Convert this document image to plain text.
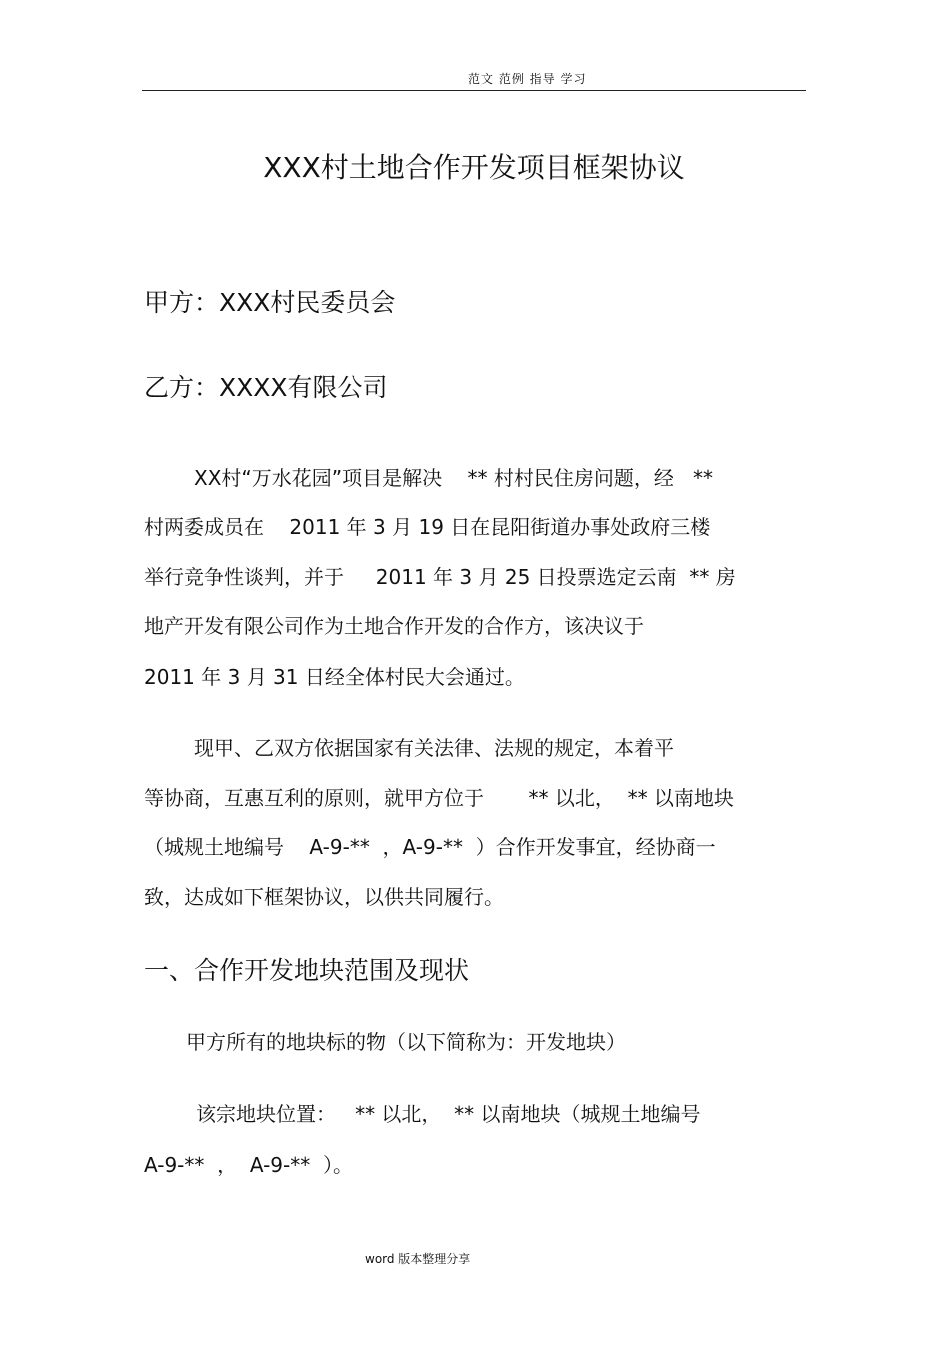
范文 范例 指导 学习
XXX村土地合作开发项目框架协议
甲方：XXX村民委员会
乙方：XXXX有限公司
XX村“万水花园”项目是解决    ** 村村民住房问题，经   **
村两委成员在    2011 年 3 月 19 日在昆阳街道办事处政府三楼
举行竞争性谈判，并于     2011 年 3 月 25 日投票选定云南  ** 房
地产开发有限公司作为土地合作开发的合作方，该决议于
2011 年 3 月 31 日经全体村民大会通过。
现甲、乙双方依据国家有关法律、法规的规定，本着平
等协商，互惠互利的原则，就甲方位于       ** 以北，  ** 以南地块
（城规土地编号    A-9-**  ，A-9-**  ）合作开发事宜，经协商一
致，达成如下框架协议，以供共同履行。
一、合作开发地块范围及现状
甲方所有的地块标的物（以下简称为：开发地块）
该宗地块位置：   ** 以北，  ** 以南地块（城规土地编号
A-9-**  ，  A-9-**  ）。
word 版本整理分享
